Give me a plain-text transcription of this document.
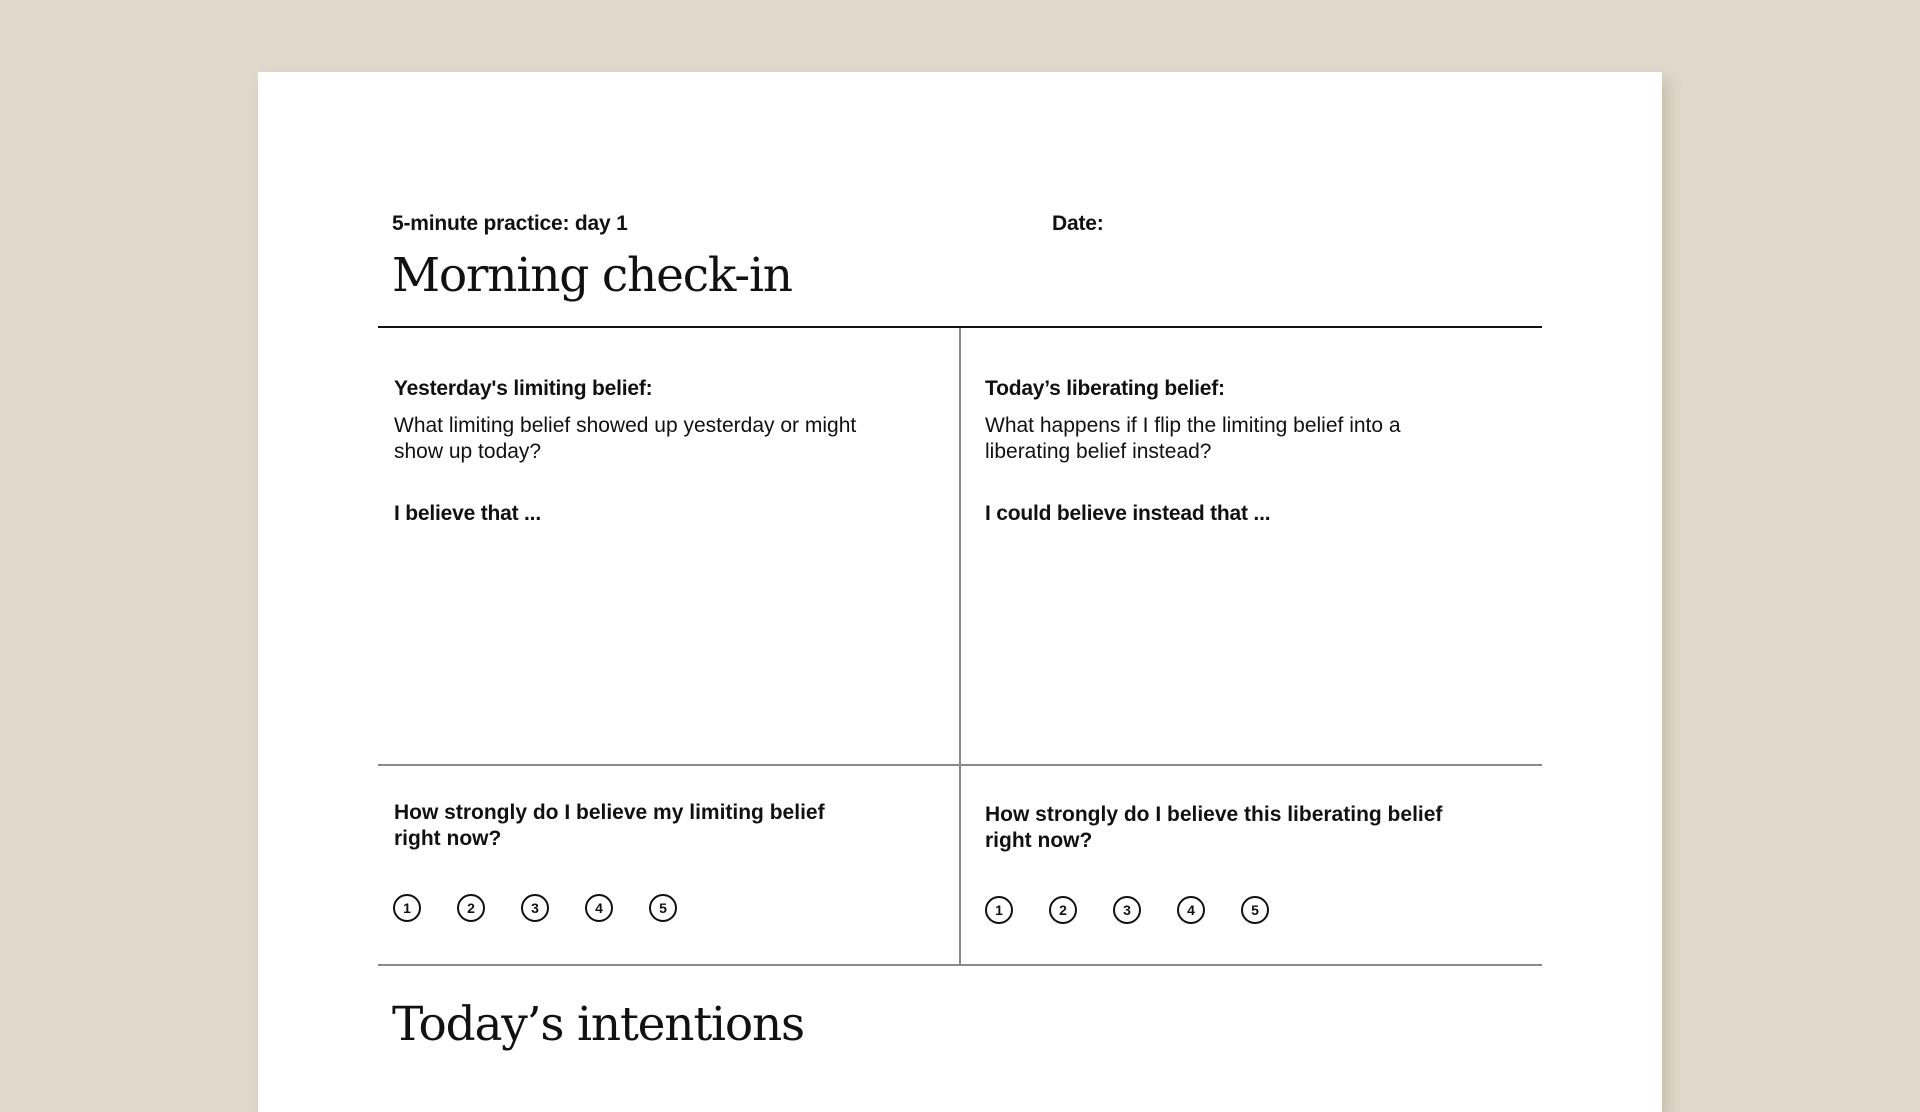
5-minute practice: day 1	Date:
Morning check-in
Yesterday's limiting belief:
What limiting belief showed up yesterday or might show up today?
I believe that ...
Today’s liberating belief:
What happens if I flip the limiting belief into a liberating belief instead?
I could believe instead that ...
How strongly do I believe my limiting belief right now?
1	2	3	4	5
How strongly do I believe this liberating belief right now?
1	2	3	4	5
Today’s intentions
